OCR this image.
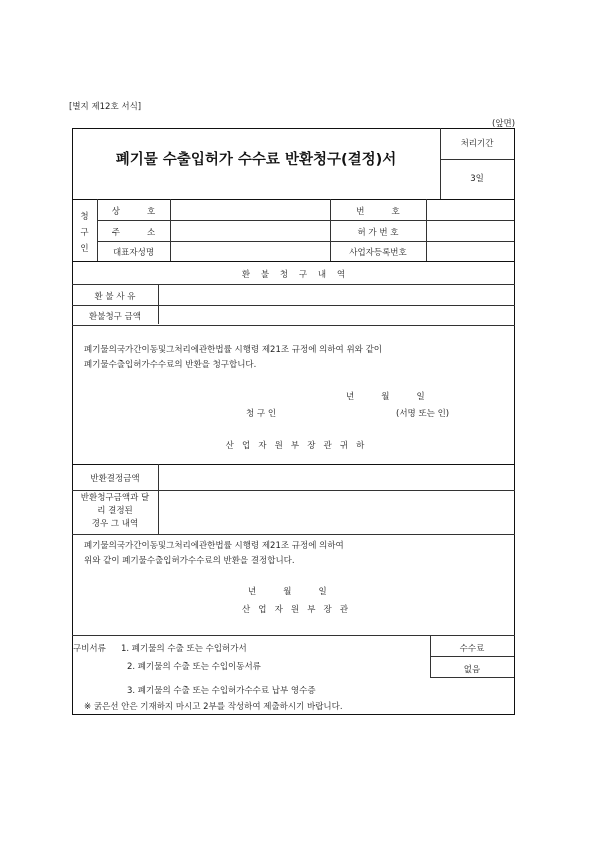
[별지 제12호 서식]
(앞면)
폐기물 수출입허가 수수료 반환청구(결정)서
처리기간
3일
청
구
인
상          호
주          소
대표자성명
번          호
허 가 번 호
사업자등록번호
환    불    청    구    내    역
환 불 사 유
환불청구 금액
폐기물의국가간이동및그처리에관한법률 시행령 제21조 규정에 의하여 위와 같이
폐기물수출입허가수수료의 반환을 청구합니다.
년          월          일
청 구 인	(서명 또는 인)
산   업   자   원   부   장   관   귀   하
반환결정금액
반환청구금액과 달
리 결정된
경우 그 내역
폐기물의국가간이동및그처리에관한법률 시행령 제21조 규정에 의하여
위와 같이 폐기물수출입허가수수료의 반환을 결정합니다.
년          월          일
산   업   자   원   부   장   관
구비서류 1. 폐기물의 수출 또는 수입허가서
2. 폐기물의 수출 또는 수입이동서류
3. 폐기물의 수출 또는 수입허가수수료 납부 영수증
수수료
없음
※ 굵은선 안은 기재하지 마시고 2부를 작성하여 제출하시기 바랍니다.
